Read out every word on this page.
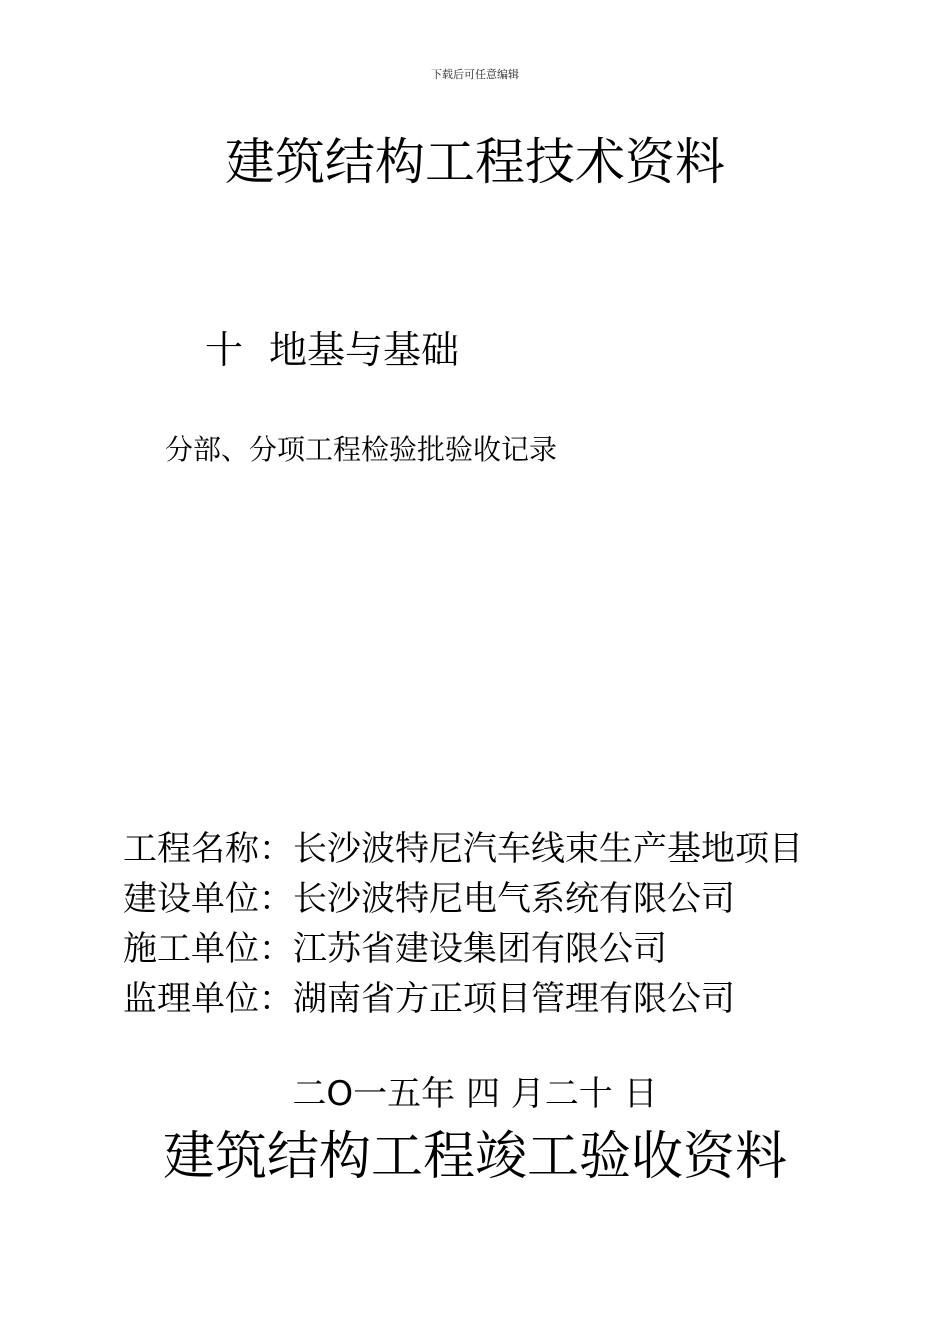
下载后可任意编辑
建筑结构工程技术资料
十 地基与基础
分部、分项工程检验批验收记录
工程名称：长沙波特尼汽车线束生产基地项目
建设单位：长沙波特尼电气系统有限公司
施工单位：江苏省建设集团有限公司
监理单位：湖南省方正项目管理有限公司
二O一五年 四 月二十 日
建筑结构工程竣工验收资料
